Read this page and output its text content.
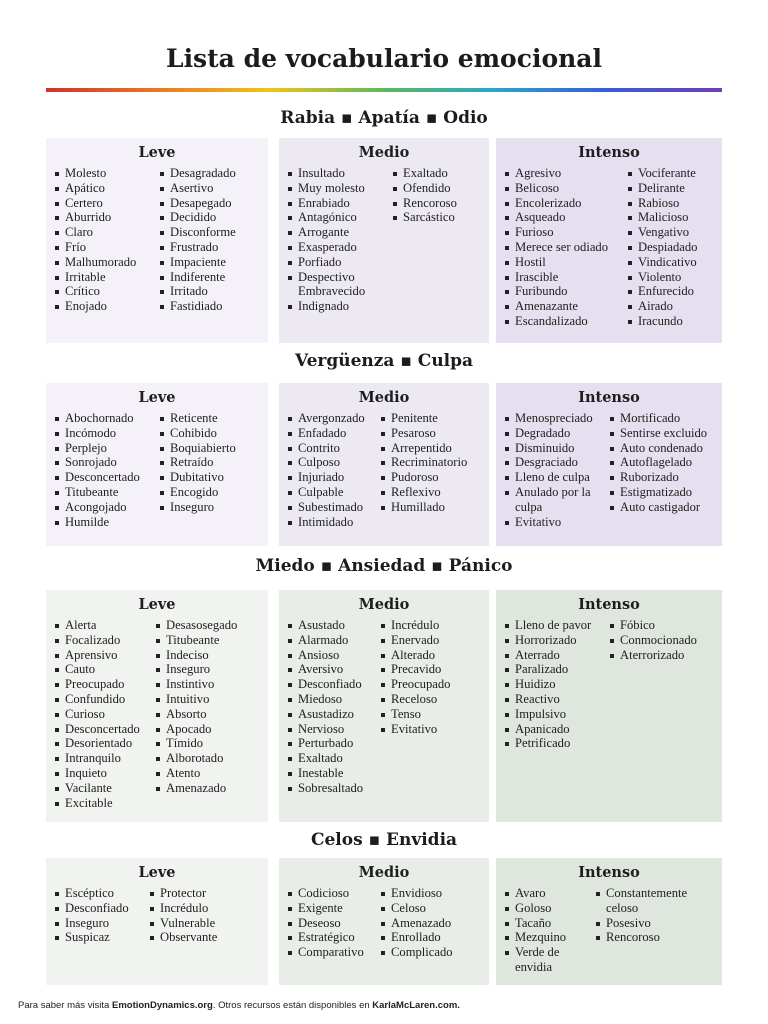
Lista de vocabulario emocional
Rabia ▪ Apatía ▪ Odio
Leve
Molesto
Apático
Certero
Aburrido
Claro
Frío
Malhumorado
Irritable
Crítico
Enojado
Desagradado
Asertivo
Desapegado
Decidido
Disconforme
Frustrado
Impaciente
Indiferente
Irritado
Fastidiado
Medio
Insultado
Muy molesto
Enrabiado
Antagónico
Arrogante
Exasperado
Porfiado
Despectivo Embravecido
Indignado
Exaltado
Ofendido
Rencoroso
Sarcástico
Intenso
Agresivo
Belicoso
Encolerizado
Asqueado
Furioso
Merece ser odiado
Hostil
Irascible
Furibundo
Amenazante
Escandalizado
Vociferante
Delirante
Rabioso
Malicioso
Vengativo
Despiadado
Vindicativo
Violento
Enfurecido
Airado
Iracundo
Vergüenza ▪ Culpa
Leve
Abochornado
Incómodo
Perplejo
Sonrojado
Desconcertado
Titubeante
Acongojado
Humilde
Reticente
Cohibido
Boquiabierto
Retraído
Dubitativo
Encogido
Inseguro
Medio
Avergonzado
Enfadado
Contrito
Culposo
Injuriado
Culpable
Subestimado
Intimidado
Penitente
Pesaroso
Arrepentido
Recriminatorio
Pudoroso
Reflexivo
Humillado
Intenso
Menospreciado
Degradado
Disminuido
Desgraciado
Lleno de culpa
Anulado por la culpa
Evitativo
Mortificado
Sentirse excluido
Auto condenado
Autoflagelado
Ruborizado
Estigmatizado
Auto castigador
Miedo ▪ Ansiedad ▪ Pánico
Leve
Alerta
Focalizado
Aprensivo
Cauto
Preocupado
Confundido
Curioso
Desconcertado
Desorientado
Intranquilo
Inquieto
Vacilante
Excitable
Desasosegado
Titubeante
Indeciso
Inseguro
Instintivo
Intuitivo
Absorto
Apocado
Tímido
Alborotado
Atento
Amenazado
Medio
Asustado
Alarmado
Ansioso
Aversivo
Desconfiado
Miedoso
Asustadizo
Nervioso
Perturbado
Exaltado
Inestable
Sobresaltado
Incrédulo
Enervado
Alterado
Precavido
Preocupado
Receloso
Tenso
Evitativo
Intenso
Lleno de pavor
Horrorizado
Aterrado
Paralizado
Huidizo
Reactivo
Impulsivo
Apanicado
Petrificado
Fóbico
Conmocionado
Aterrorizado
Celos ▪ Envidia
Leve
Escéptico
Desconfiado
Inseguro
Suspicaz
Protector
Incrédulo
Vulnerable
Observante
Medio
Codicioso
Exigente
Deseoso
Estratégico
Comparativo
Envidioso
Celoso
Amenazado
Enrollado
Complicado
Intenso
Avaro
Goloso
Tacaño
Mezquino
Verde de envidia
Constantemente celoso
Posesivo
Rencoroso
Para saber más visita EmotionDynamics.org. Otros recursos están disponibles en KarlaMcLaren.com.
